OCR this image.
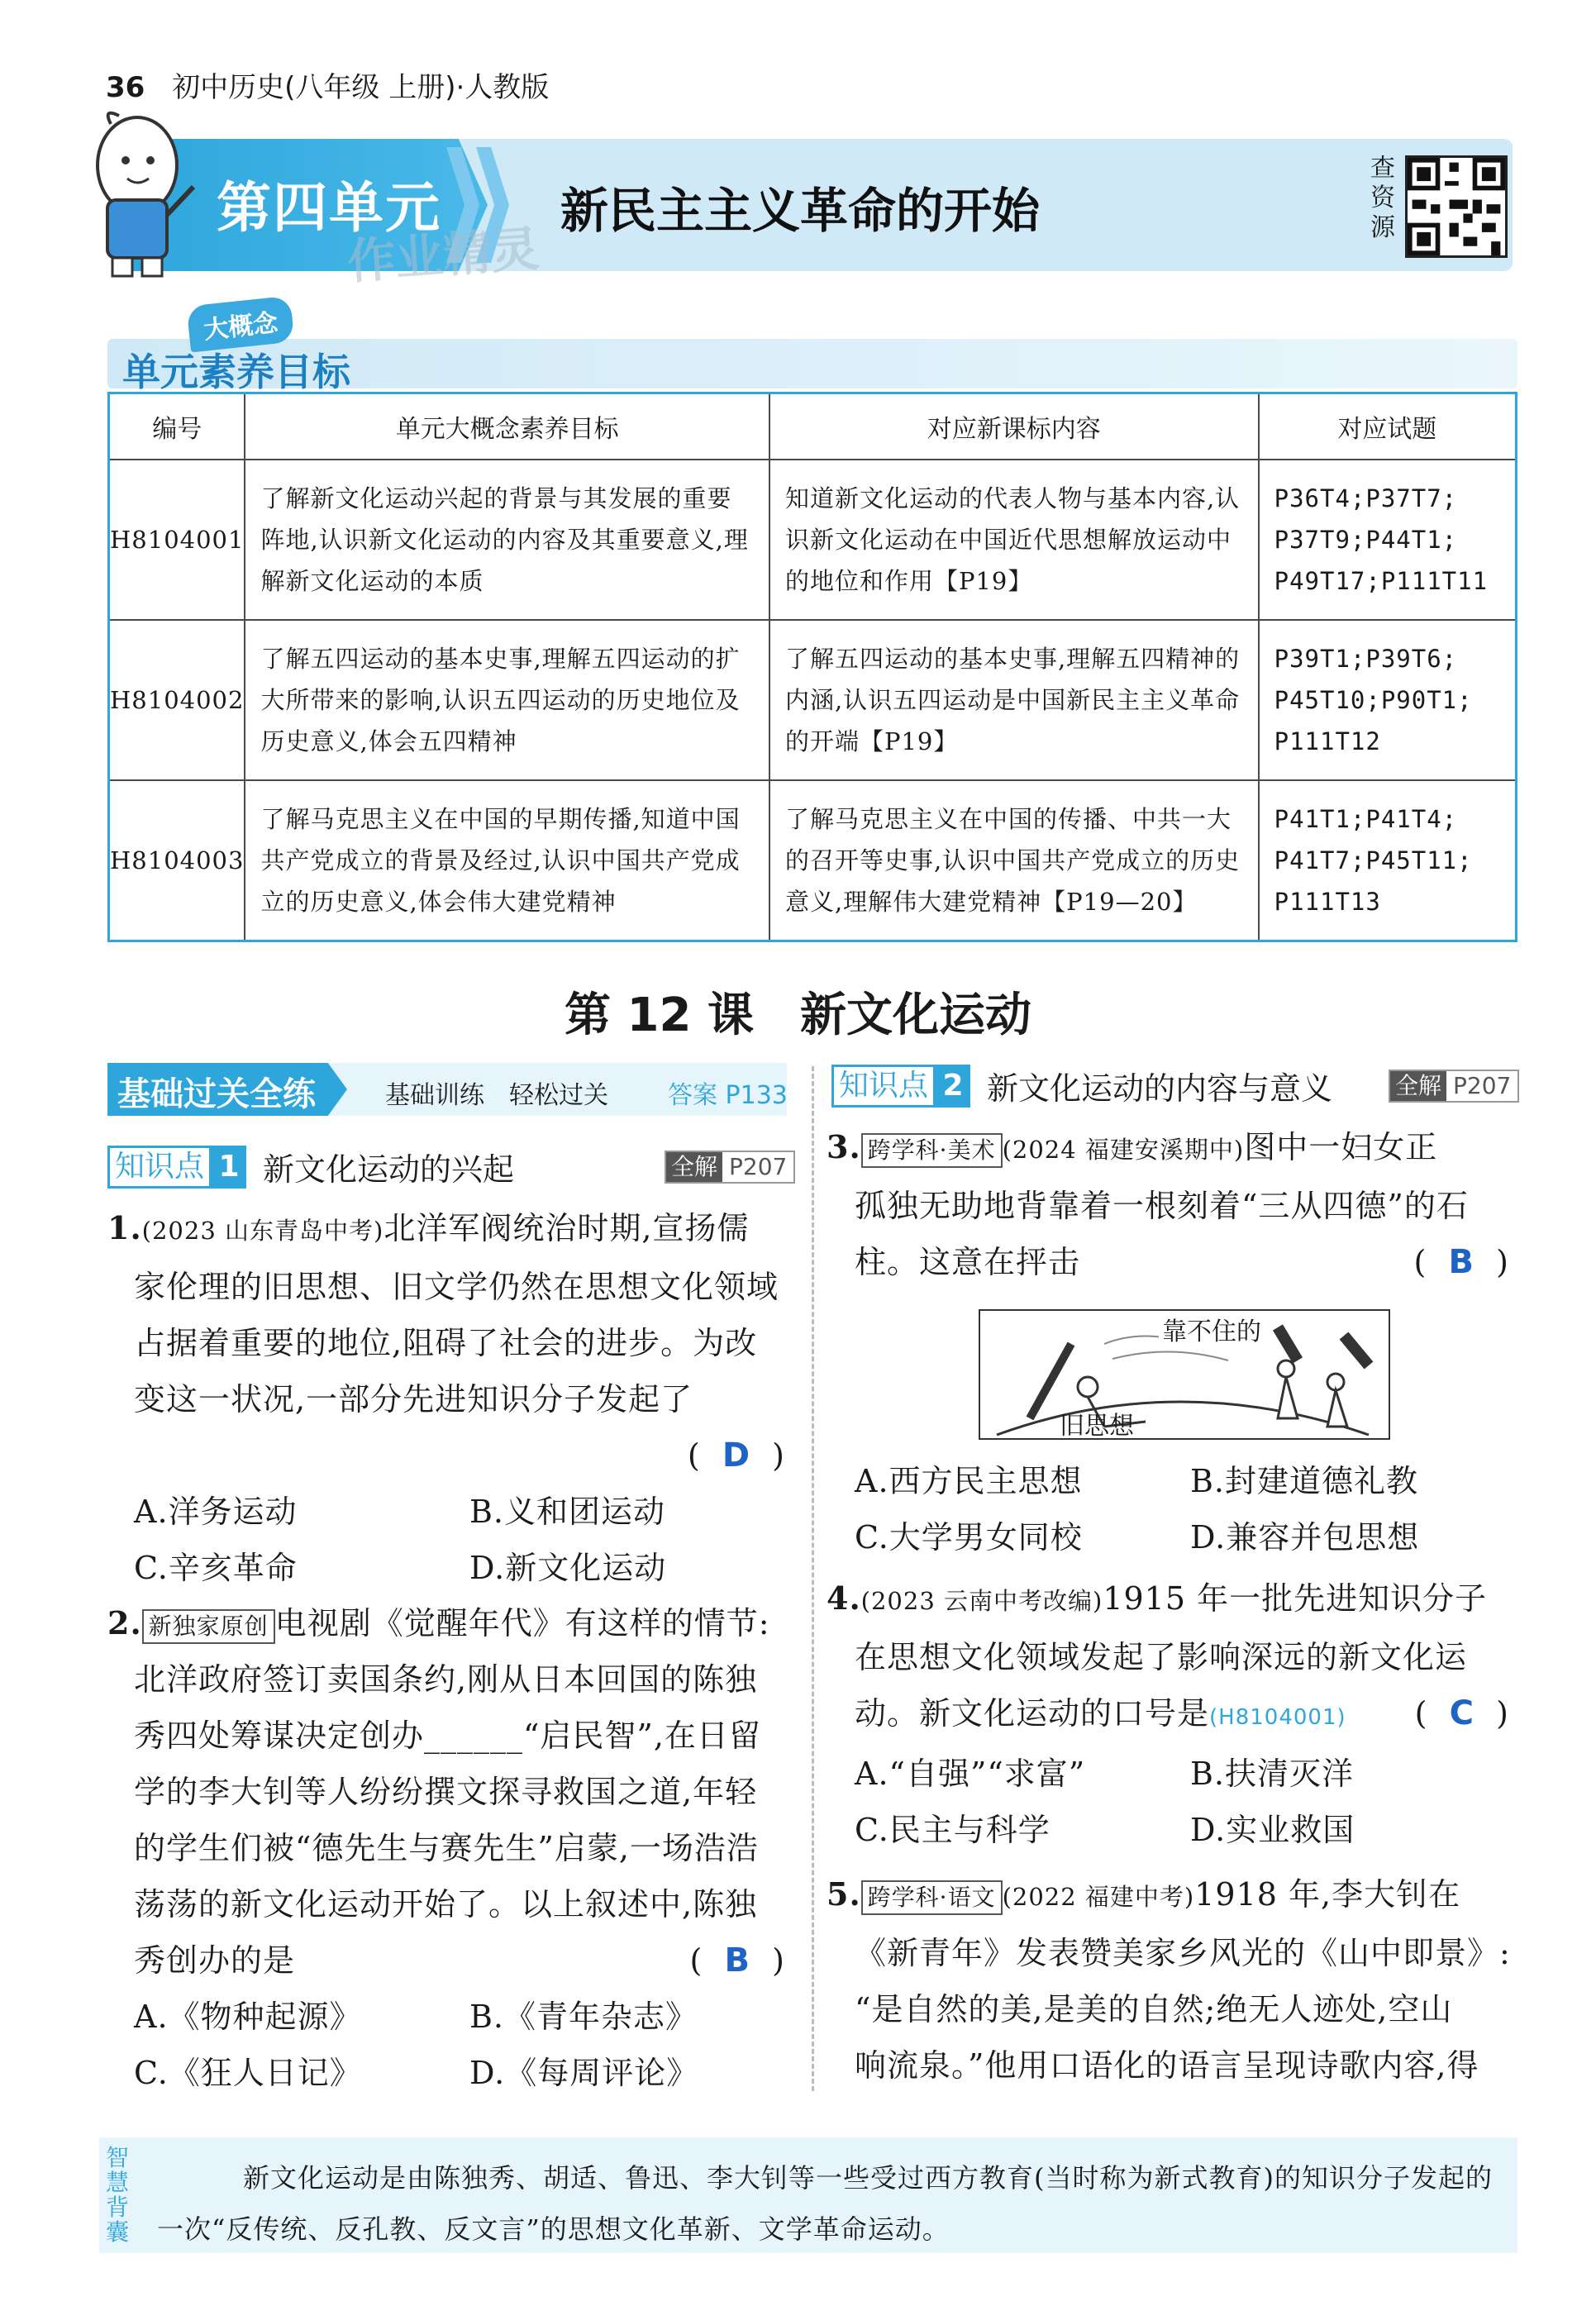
36 初中历史(八年级 上册)·人教版
第四单元 新民主主义革命的开始
作业精灵
查资源
单元素养目标
大概念
编号	单元大概念素养目标	对应新课标内容	对应试题
H8104001	了解新文化运动兴起的背景与其发展的重要阵地,认识新文化运动的内容及其重要意义,理解新文化运动的本质	知道新文化运动的代表人物与基本内容,认识新文化运动在中国近代思想解放运动中的地位和作用【P19】	P36T4;P37T7;
P37T9;P44T1;
P49T17;P111T11

H8104002	了解五四运动的基本史事,理解五四运动的扩大所带来的影响,认识五四运动的历史地位及历史意义,体会五四精神	了解五四运动的基本史事,理解五四精神的内涵,认识五四运动是中国新民主主义革命的开端【P19】	P39T1;P39T6;
P45T10;P90T1;
P111T12

H8104003	了解马克思主义在中国的早期传播,知道中国共产党成立的背景及经过,认识中国共产党成立的历史意义,体会伟大建党精神	了解马克思主义在中国的传播、中共一大的召开等史事,认识中国共产党成立的历史意义,理解伟大建党精神【P19—20】	P41T1;P41T4;
P41T7;P45T11;
P111T13
第 12 课　新文化运动
基础过关全练	基础训练　轻松过关 答案 P133
知识点 1 新文化运动的兴起	全解 P207
1.(2023 山东青岛中考)北洋军阀统治时期,宣扬儒
家伦理的旧思想、旧文学仍然在思想文化领域
占据着重要的地位,阻碍了社会的进步。为改
变这一状况,一部分先进知识分子发起了
(  D  )
A.洋务运动	B.义和团运动
C.辛亥革命	D.新文化运动
2. 新独家原创 电视剧《觉醒年代》有这样的情节:
北洋政府签订卖国条约,刚从日本回国的陈独
秀四处筹谋决定创办______“启民智”,在日留
学的李大钊等人纷纷撰文探寻救国之道,年轻
的学生们被“德先生与赛先生”启蒙,一场浩浩
荡荡的新文化运动开始了。以上叙述中,陈独
秀创办的是	(  B  )
A.《物种起源》	B.《青年杂志》
C.《狂人日记》	D.《每周评论》
知识点 2 新文化运动的内容与意义	全解 P207
3. 跨学科·美术 (2024 福建安溪期中)图中一妇女正
孤独无助地背靠着一根刻着“三从四德”的石
柱。这意在抨击	(  B  )
靠不住的
旧思想
A.西方民主思想	B.封建道德礼教
C.大学男女同校	D.兼容并包思想
4.(2023 云南中考改编)1915 年一批先进知识分子
在思想文化领域发起了影响深远的新文化运
动。新文化运动的口号是(H8104001) (  C  )
A.“自强”“求富”	B.扶清灭洋
C.民主与科学	D.实业救国
5. 跨学科·语文 (2022 福建中考)1918 年,李大钊在
《新青年》发表赞美家乡风光的《山中即景》:
“是自然的美,是美的自然;绝无人迹处,空山
响流泉。”他用口语化的语言呈现诗歌内容,得
智慧背囊
新文化运动是由陈独秀、胡适、鲁迅、李大钊等一些受过西方教育(当时称为新式教育)的知识分子发起的一次“反传统、反孔教、反文言”的思想文化革新、文学革命运动。
